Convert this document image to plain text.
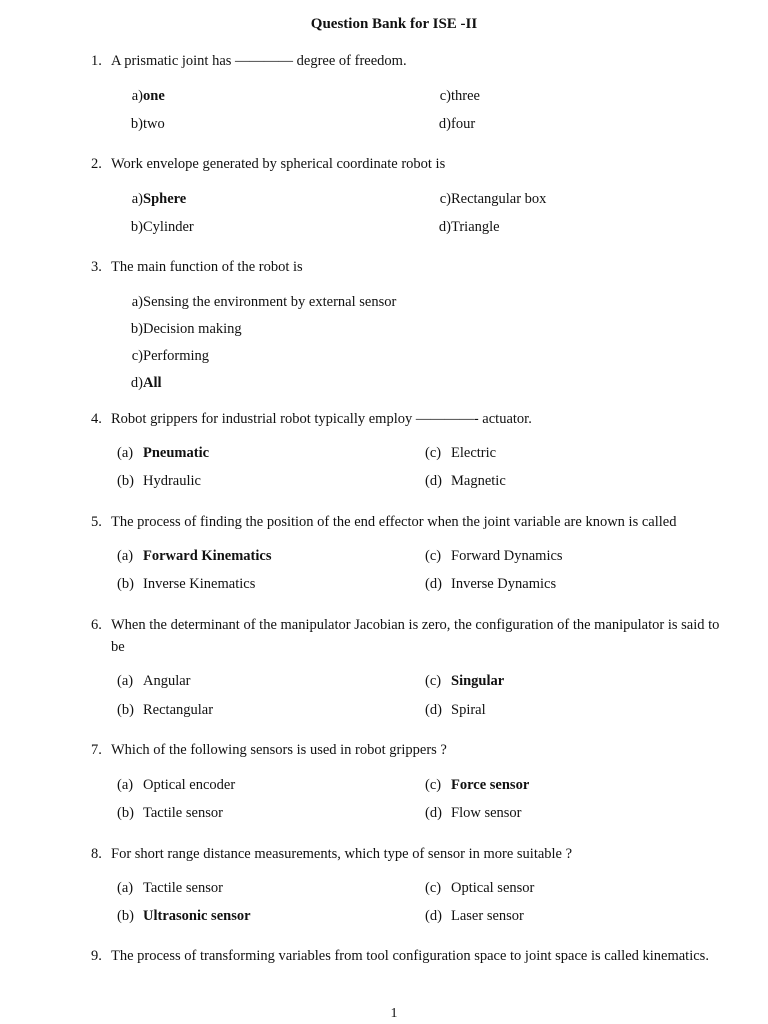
Question Bank for ISE -II
1. A prismatic joint has ———— degree of freedom.
a) one
b) two
c) three
d) four
2. Work envelope generated by spherical coordinate robot is
a) Sphere
b) Cylinder
c) Rectangular box
d) Triangle
3. The main function of the robot is
a) Sensing the environment by external sensor
b) Decision making
c) Performing
d) All
4. Robot grippers for industrial robot typically employ ————- actuator.
(a) Pneumatic
(b) Hydraulic
(c) Electric
(d) Magnetic
5. The process of finding the position of the end effector when the joint variable are known is called
(a) Forward Kinematics
(b) Inverse Kinematics
(c) Forward Dynamics
(d) Inverse Dynamics
6. When the determinant of the manipulator Jacobian is zero, the configuration of the manipulator is said to be
(a) Angular
(b) Rectangular
(c) Singular
(d) Spiral
7. Which of the following sensors is used in robot grippers ?
(a) Optical encoder
(b) Tactile sensor
(c) Force sensor
(d) Flow sensor
8. For short range distance measurements, which type of sensor in more suitable ?
(a) Tactile sensor
(b) Ultrasonic sensor
(c) Optical sensor
(d) Laser sensor
9. The process of transforming variables from tool configuration space to joint space is called kinematics.
1
